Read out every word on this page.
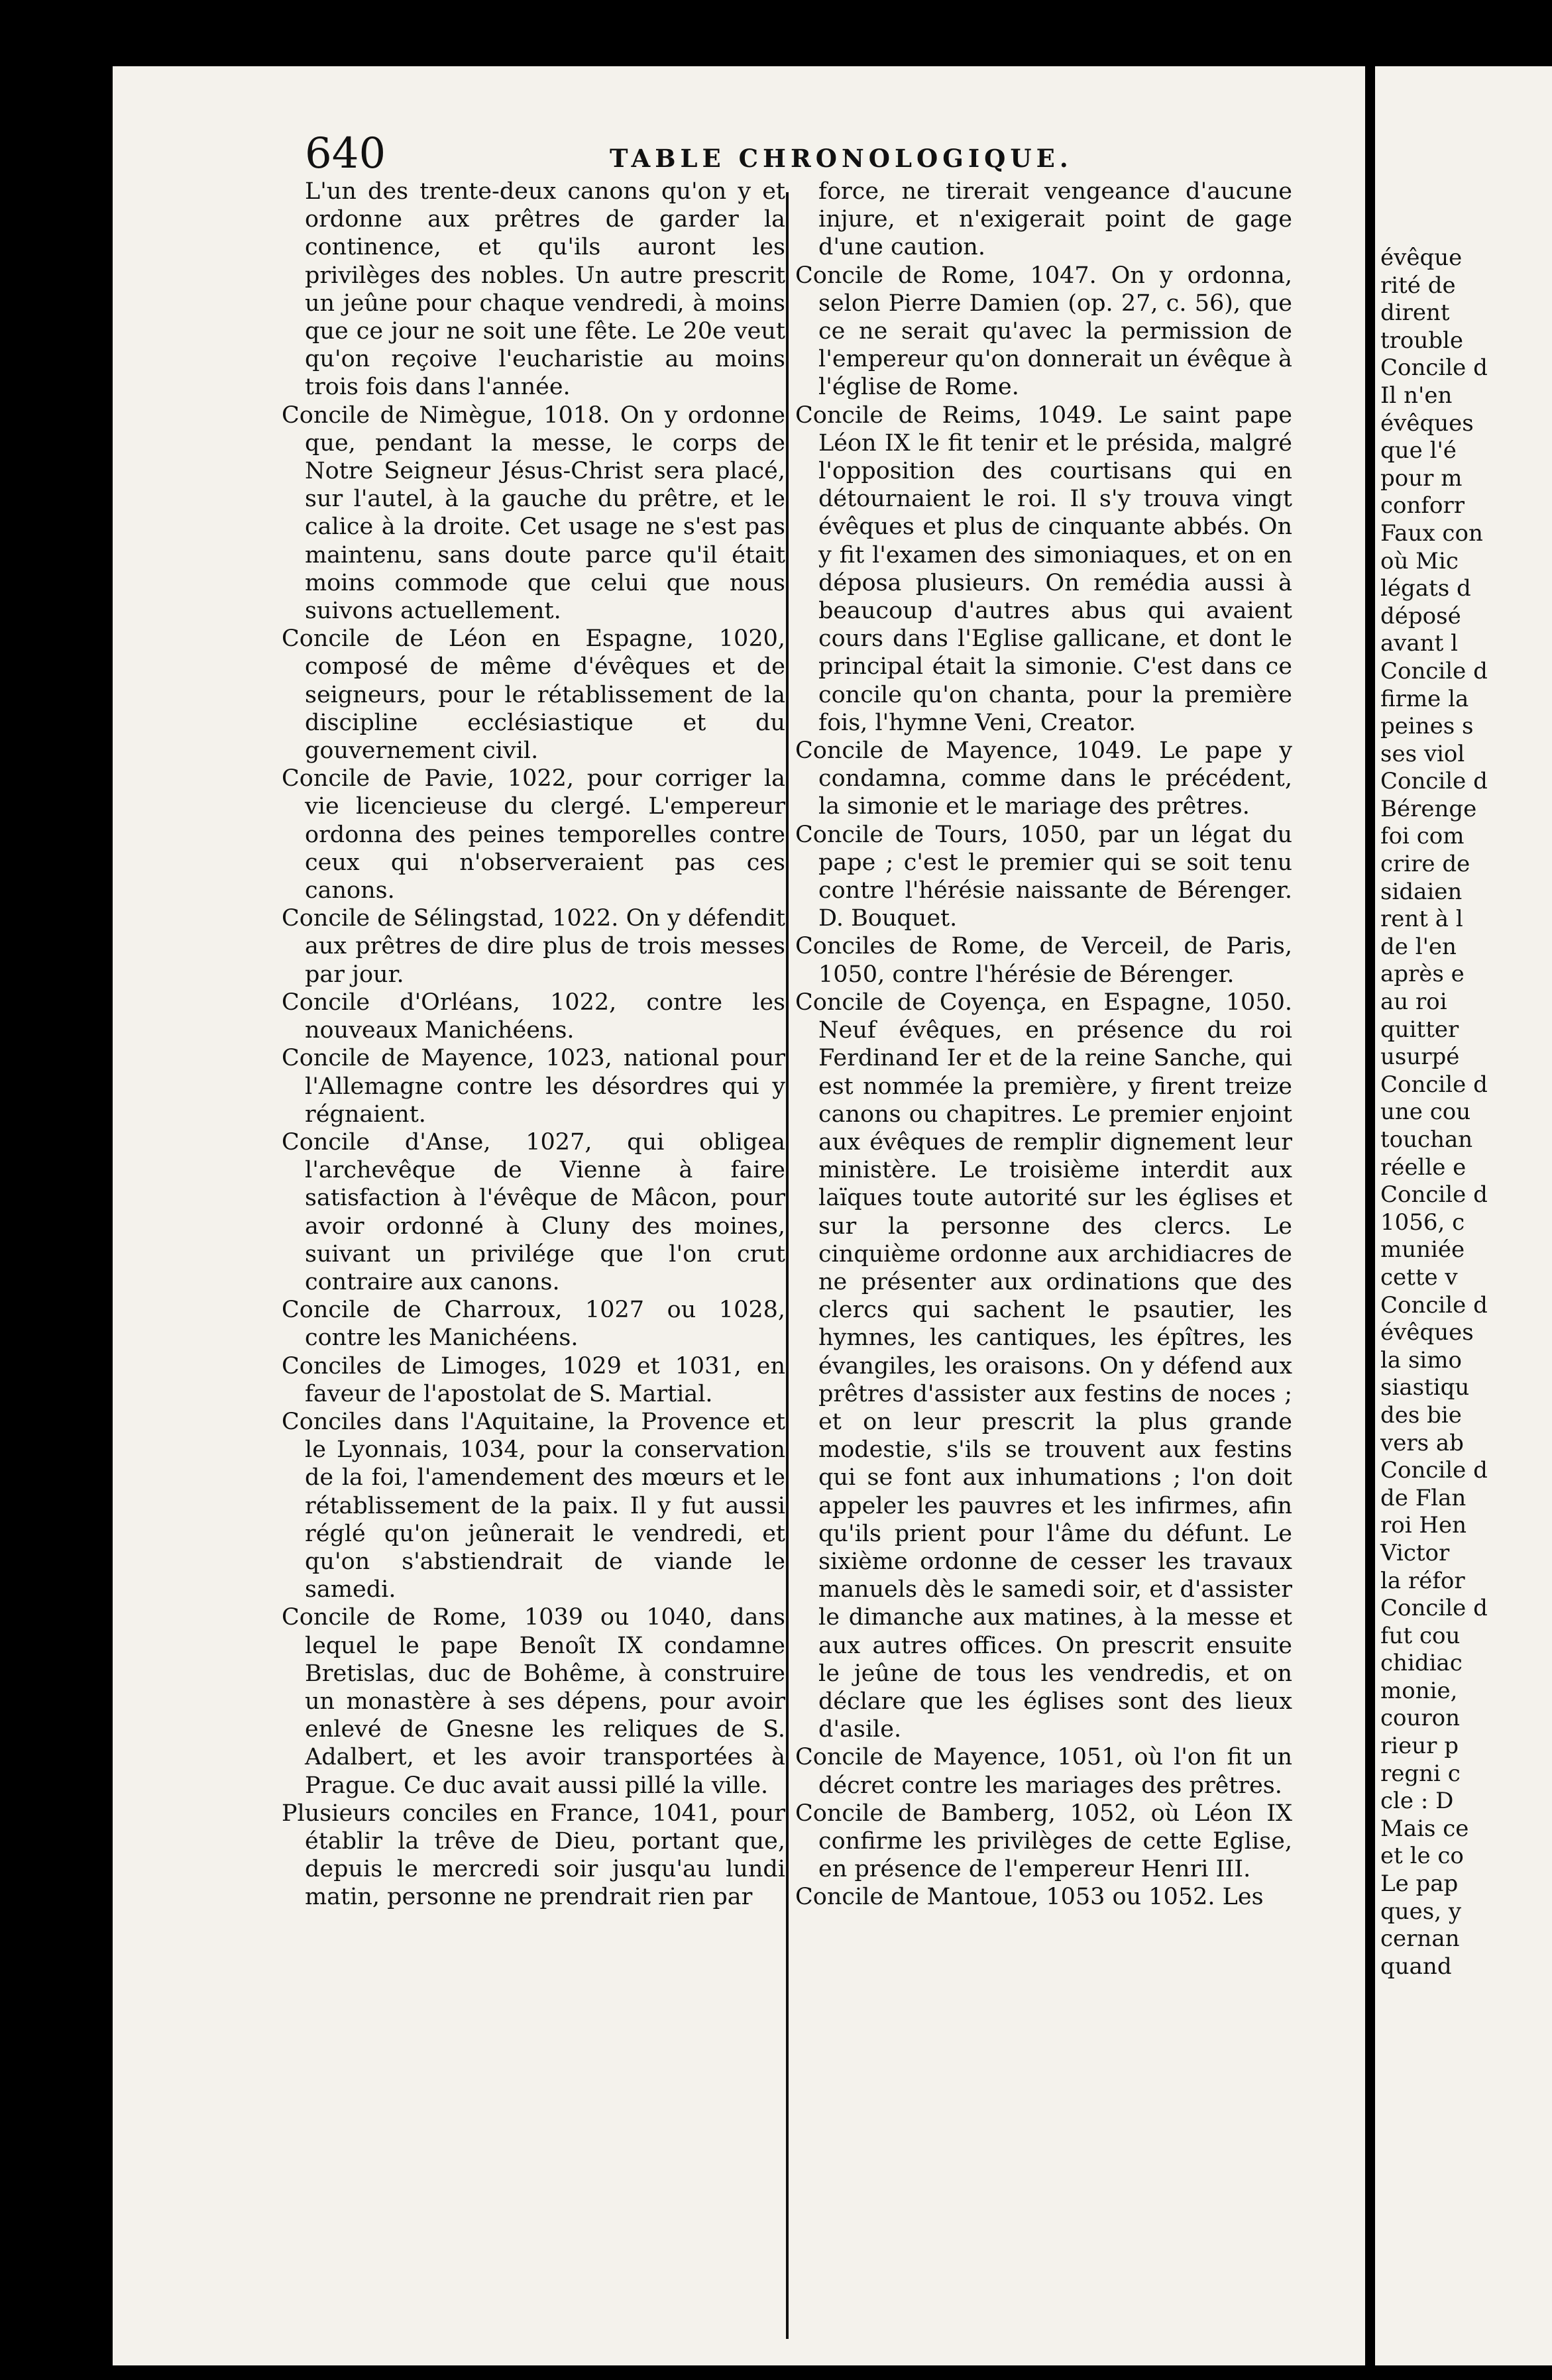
évêque
rité de
dirent
trouble
Concile d
Il n'en
évêques
que l'é
pour m
conforr
Faux con
où Mic
légats d
déposé
avant l
Concile d
firme la
peines s
ses viol
Concile d
Bérenge
foi com
crire de
sidaien
rent à l
de l'en
après e
au roi
quitter
usurpé
Concile d
une cou
touchan
réelle e
Concile d
1056, c
muniée
cette v
Concile d
évêques
la simo
siastiqu
des bie
vers ab
Concile d
de Flan
roi Hen
Victor
la réfor
Concile d
fut cou
chidiac
monie,
couron
rieur p
regni c
cle : D
Mais ce
et le co
Le pap
ques, y
cernan
quand
640	TABLE CHRONOLOGIQUE.

L'un des trente-deux canons qu'on y et ordonne aux prêtres de garder la continence, et qu'ils auront les privilèges des nobles. Un autre prescrit un jeûne pour chaque vendredi, à moins que ce jour ne soit une fête. Le 20e veut qu'on reçoive l'eucharistie au moins trois fois dans l'année.

Concile de Nimègue, 1018. On y ordonne que, pendant la messe, le corps de Notre Seigneur Jésus-Christ sera placé, sur l'autel, à la gauche du prêtre, et le calice à la droite. Cet usage ne s'est pas maintenu, sans doute parce qu'il était moins commode que celui que nous suivons actuellement.

Concile de Léon en Espagne, 1020, composé de même d'évêques et de seigneurs, pour le rétablissement de la discipline ecclésiastique et du gouvernement civil.

Concile de Pavie, 1022, pour corriger la vie licencieuse du clergé. L'empereur ordonna des peines temporelles contre ceux qui n'observeraient pas ces canons.

Concile de Sélingstad, 1022. On y défendit aux prêtres de dire plus de trois messes par jour.

Concile d'Orléans, 1022, contre les nouveaux Manichéens.

Concile de Mayence, 1023, national pour l'Allemagne contre les désordres qui y régnaient.

Concile d'Anse, 1027, qui obligea l'archevêque de Vienne à faire satisfaction à l'évêque de Mâcon, pour avoir ordonné à Cluny des moines, suivant un privilége que l'on crut contraire aux canons.

Concile de Charroux, 1027 ou 1028, contre les Manichéens.

Conciles de Limoges, 1029 et 1031, en faveur de l'apostolat de S. Martial.

Conciles dans l'Aquitaine, la Provence et le Lyonnais, 1034, pour la conservation de la foi, l'amendement des mœurs et le rétablissement de la paix. Il y fut aussi réglé qu'on jeûnerait le vendredi, et qu'on s'abstiendrait de viande le samedi.

Concile de Rome, 1039 ou 1040, dans lequel le pape Benoît IX condamne Bretislas, duc de Bohême, à construire un monastère à ses dépens, pour avoir enlevé de Gnesne les reliques de S. Adalbert, et les avoir transportées à Prague. Ce duc avait aussi pillé la ville.

Plusieurs conciles en France, 1041, pour établir la trêve de Dieu, portant que, depuis le mercredi soir jusqu'au lundi matin, personne ne prendrait rien par

force, ne tirerait vengeance d'aucune injure, et n'exigerait point de gage d'une caution.

Concile de Rome, 1047. On y ordonna, selon Pierre Damien (op. 27, c. 56), que ce ne serait qu'avec la permission de l'empereur qu'on donnerait un évêque à l'église de Rome.

Concile de Reims, 1049. Le saint pape Léon IX le fit tenir et le présida, malgré l'opposition des courtisans qui en détournaient le roi. Il s'y trouva vingt évêques et plus de cinquante abbés. On y fit l'examen des simoniaques, et on en déposa plusieurs. On remédia aussi à beaucoup d'autres abus qui avaient cours dans l'Eglise gallicane, et dont le principal était la simonie. C'est dans ce concile qu'on chanta, pour la première fois, l'hymne Veni, Creator.

Concile de Mayence, 1049. Le pape y condamna, comme dans le précédent, la simonie et le mariage des prêtres.

Concile de Tours, 1050, par un légat du pape ; c'est le premier qui se soit tenu contre l'hérésie naissante de Bérenger. D. Bouquet.

Conciles de Rome, de Verceil, de Paris, 1050, contre l'hérésie de Bérenger.

Concile de Coyença, en Espagne, 1050. Neuf évêques, en présence du roi Ferdinand Ier et de la reine Sanche, qui est nommée la première, y firent treize canons ou chapitres. Le premier enjoint aux évêques de remplir dignement leur ministère. Le troisième interdit aux laïques toute autorité sur les églises et sur la personne des clercs. Le cinquième ordonne aux archidiacres de ne présenter aux ordinations que des clercs qui sachent le psautier, les hymnes, les cantiques, les épîtres, les évangiles, les oraisons. On y défend aux prêtres d'assister aux festins de noces ; et on leur prescrit la plus grande modestie, s'ils se trouvent aux festins qui se font aux inhumations ; l'on doit appeler les pauvres et les infirmes, afin qu'ils prient pour l'âme du défunt. Le sixième ordonne de cesser les travaux manuels dès le samedi soir, et d'assister le dimanche aux matines, à la messe et aux autres offices. On prescrit ensuite le jeûne de tous les vendredis, et on déclare que les églises sont des lieux d'asile.

Concile de Mayence, 1051, où l'on fit un décret contre les mariages des prêtres.

Concile de Bamberg, 1052, où Léon IX confirme les privilèges de cette Eglise, en présence de l'empereur Henri III.

Concile de Mantoue, 1053 ou 1052. Les
